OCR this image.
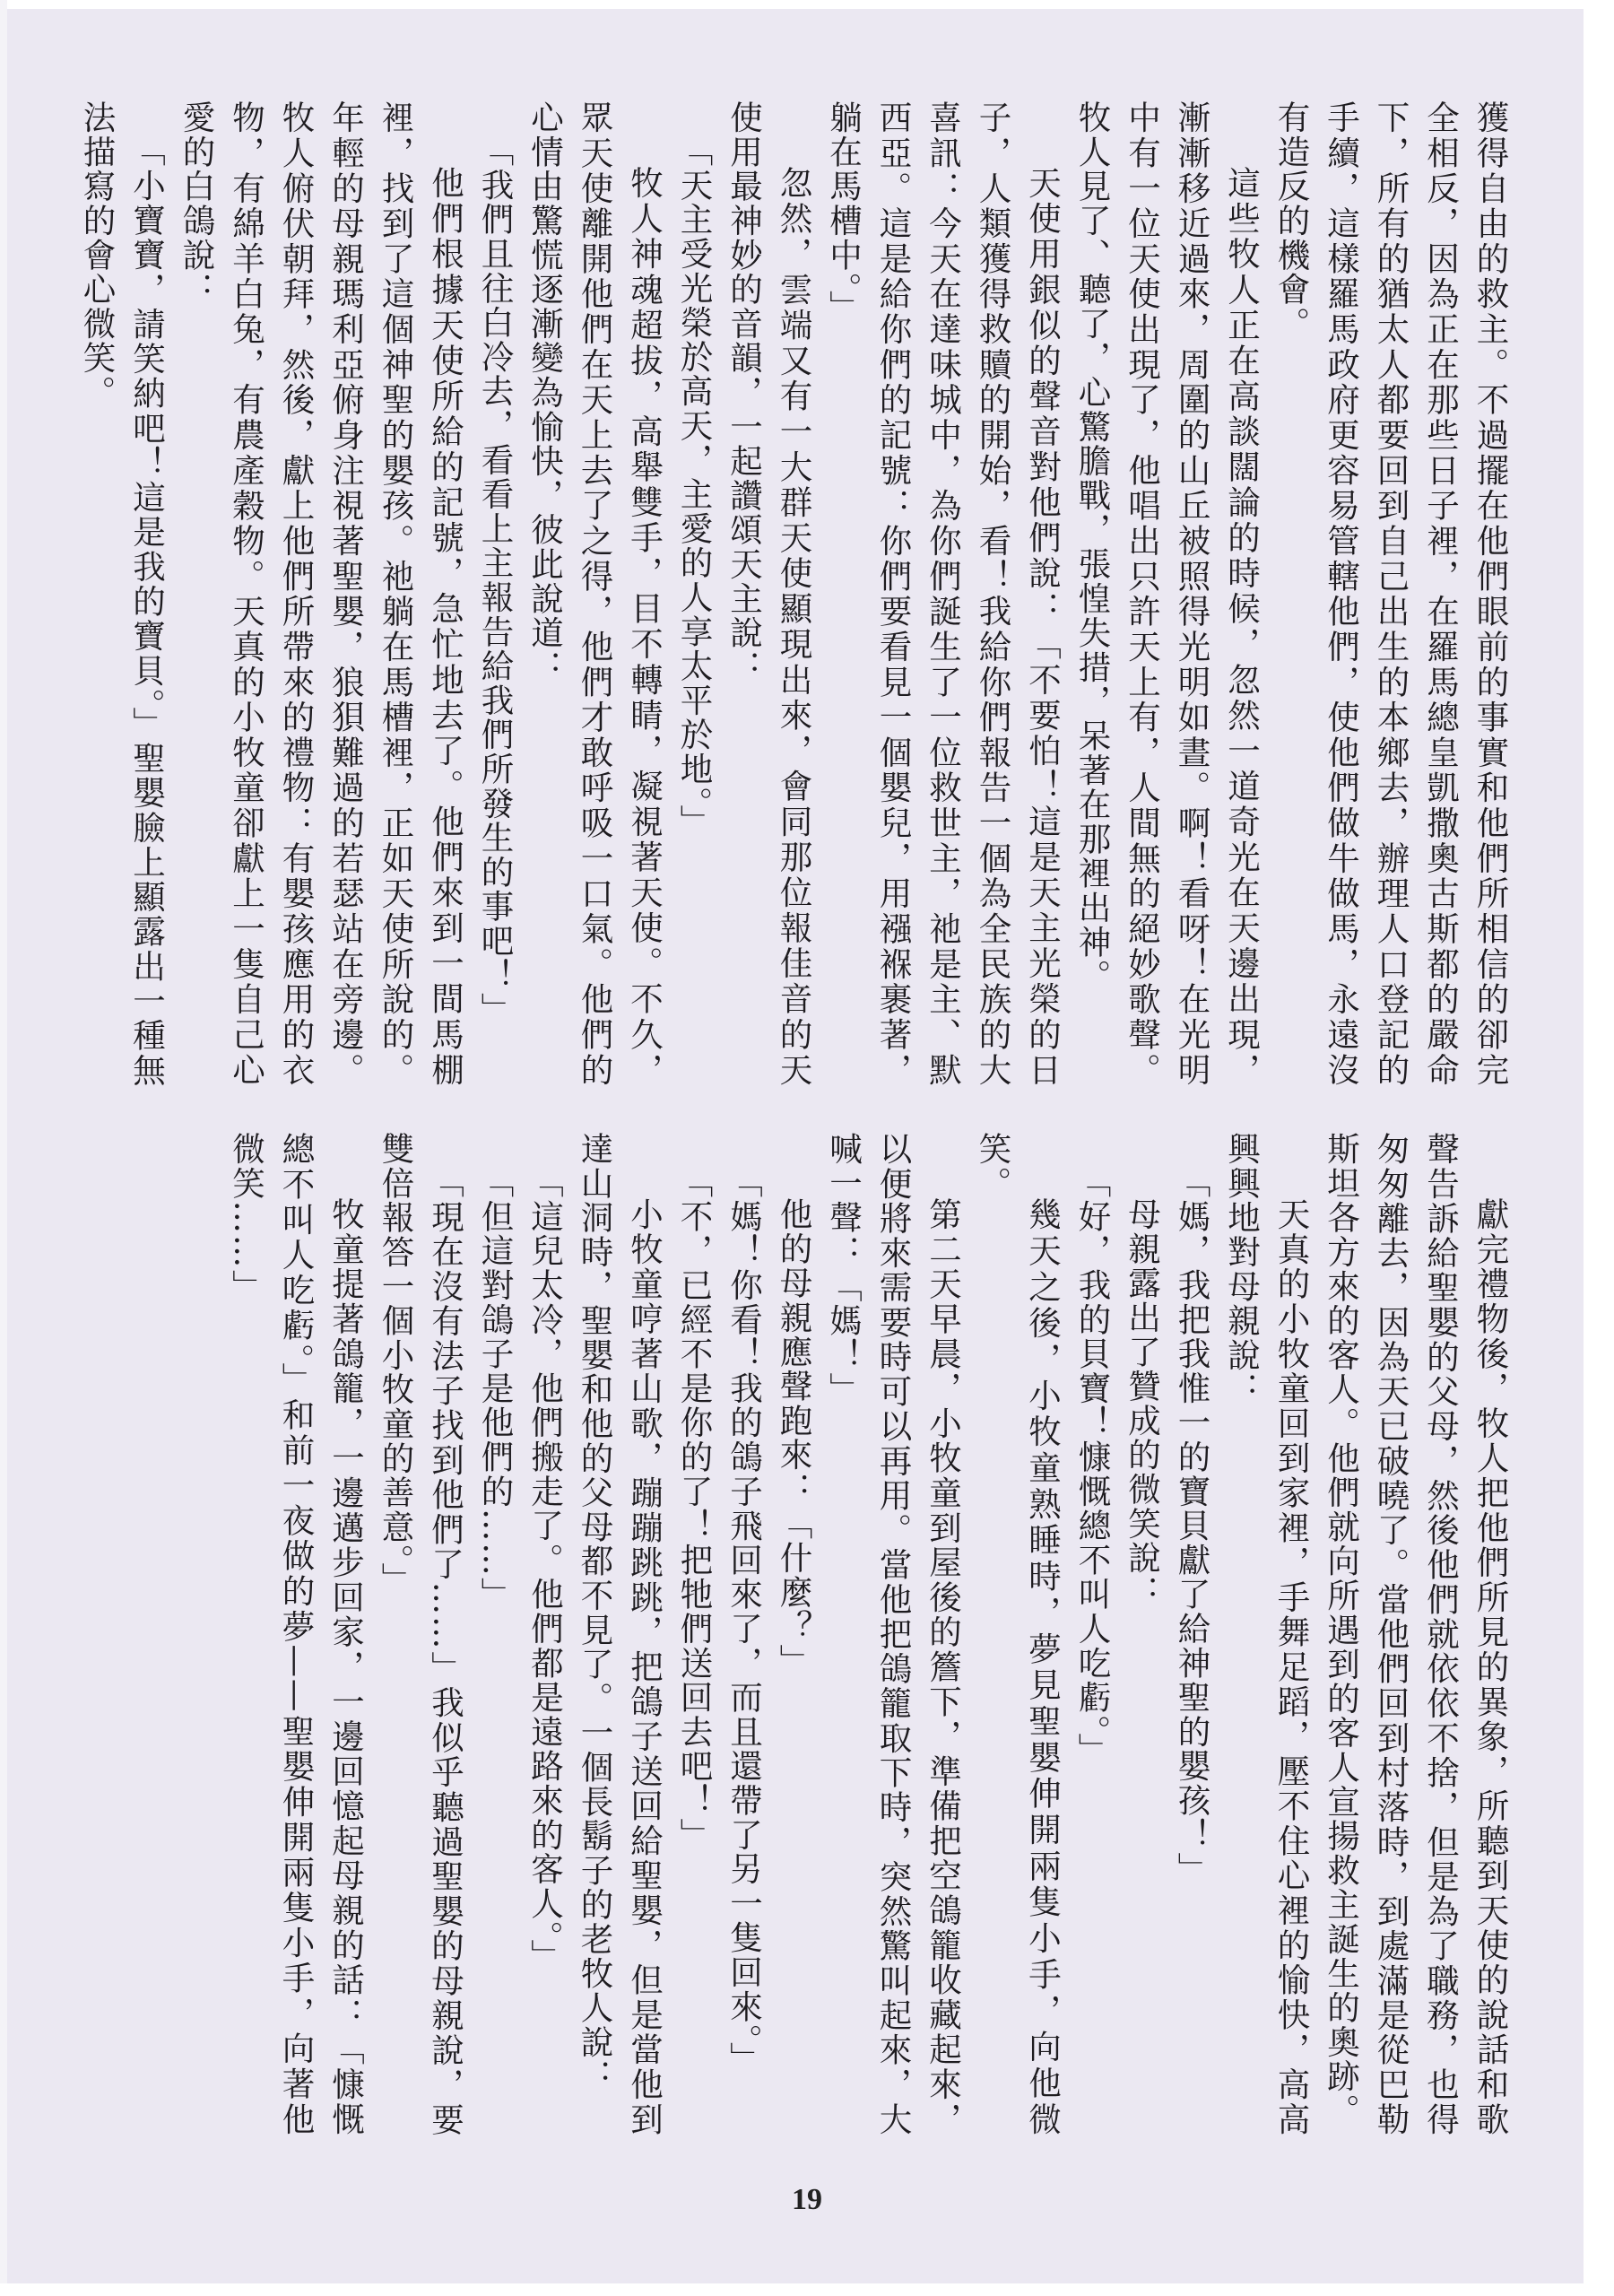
獲得自由的救主。不過擺在他們眼前的事實和他們所相信的卻完全相反，因為正在那些日子裡，在羅馬總皇凱撒奧古斯都的嚴命下，所有的猶太人都要回到自己出生的本鄉去，辦理人口登記的手續，這樣羅馬政府更容易管轄他們，使他們做牛做馬，永遠沒有造反的機會。

這些牧人正在高談闊論的時候，忽然一道奇光在天邊出現，漸漸移近過來，周圍的山丘被照得光明如晝。啊！看呀！在光明中有一位天使出現了，他唱出只許天上有，人間無的絕妙歌聲。牧人見了、聽了，心驚膽戰，張惶失措，呆著在那裡出神。

天使用銀似的聲音對他們說：「不要怕！這是天主光榮的日子，人類獲得救贖的開始，看！我給你們報告一個為全民族的大喜訊：今天在達味城中，為你們誕生了一位救世主，祂是主、默西亞。這是給你們的記號：你們要看見一個嬰兒，用襁褓裹著，躺在馬槽中。」

忽然，雲端又有一大群天使顯現出來，會同那位報佳音的天使用最神妙的音韻，一起讚頌天主說：

「天主受光榮於高天，主愛的人享太平於地。」

牧人神魂超拔，高舉雙手，目不轉睛，凝視著天使。不久，眾天使離開他們在天上去了之得，他們才敢呼吸一口氣。他們的心情由驚慌逐漸變為愉快，彼此說道：

「我們且往白冷去，看看上主報告給我們所發生的事吧！」

他們根據天使所給的記號，急忙地去了。他們來到一間馬棚裡，找到了這個神聖的嬰孩。祂躺在馬槽裡，正如天使所說的。年輕的母親瑪利亞俯身注視著聖嬰，狼狽難過的若瑟站在旁邊。牧人俯伏朝拜，然後，獻上他們所帶來的禮物：有嬰孩應用的衣物，有綿羊白兔，有農產穀物。天真的小牧童卻獻上一隻自己心愛的白鴿說：

「小寶寶，請笑納吧！這是我的寶貝。」聖嬰臉上顯露出一種無法描寫的會心微笑。

獻完禮物後，牧人把他們所見的異象，所聽到天使的說話和歌聲告訴給聖嬰的父母，然後他們就依依不捨，但是為了職務，也得匆匆離去，因為天已破曉了。當他們回到村落時，到處滿是從巴勒斯坦各方來的客人。他們就向所遇到的客人宣揚救主誕生的奧跡。

天真的小牧童回到家裡，手舞足蹈，壓不住心裡的愉快，高高興興地對母親說：

「媽，我把我惟一的寶貝獻了給神聖的嬰孩！」

母親露出了贊成的微笑說：

「好，我的貝寶！慷慨總不叫人吃虧。」

幾天之後，小牧童熟睡時，夢見聖嬰伸開兩隻小手，向他微笑。

第二天早晨，小牧童到屋後的簷下，準備把空鴿籠收藏起來，以便將來需要時可以再用。當他把鴿籠取下時，突然驚叫起來，大喊一聲：「媽！」

他的母親應聲跑來：「什麼？」

「媽！你看！我的鴿子飛回來了，而且還帶了另一隻回來。」

「不，已經不是你的了！把牠們送回去吧！」

小牧童哼著山歌，蹦蹦跳跳，把鴿子送回給聖嬰，但是當他到達山洞時，聖嬰和他的父母都不見了。一個長鬍子的老牧人說：

「這兒太冷，他們搬走了。他們都是遠路來的客人。」

「但這對鴿子是他們的……」

「現在沒有法子找到他們了……」我似乎聽過聖嬰的母親說，要雙倍報答一個小牧童的善意。」

牧童提著鴿籠，一邊邁步回家，一邊回憶起母親的話：「慷慨總不叫人吃虧。」和前一夜做的夢——聖嬰伸開兩隻小手，向著他微笑……」

19
